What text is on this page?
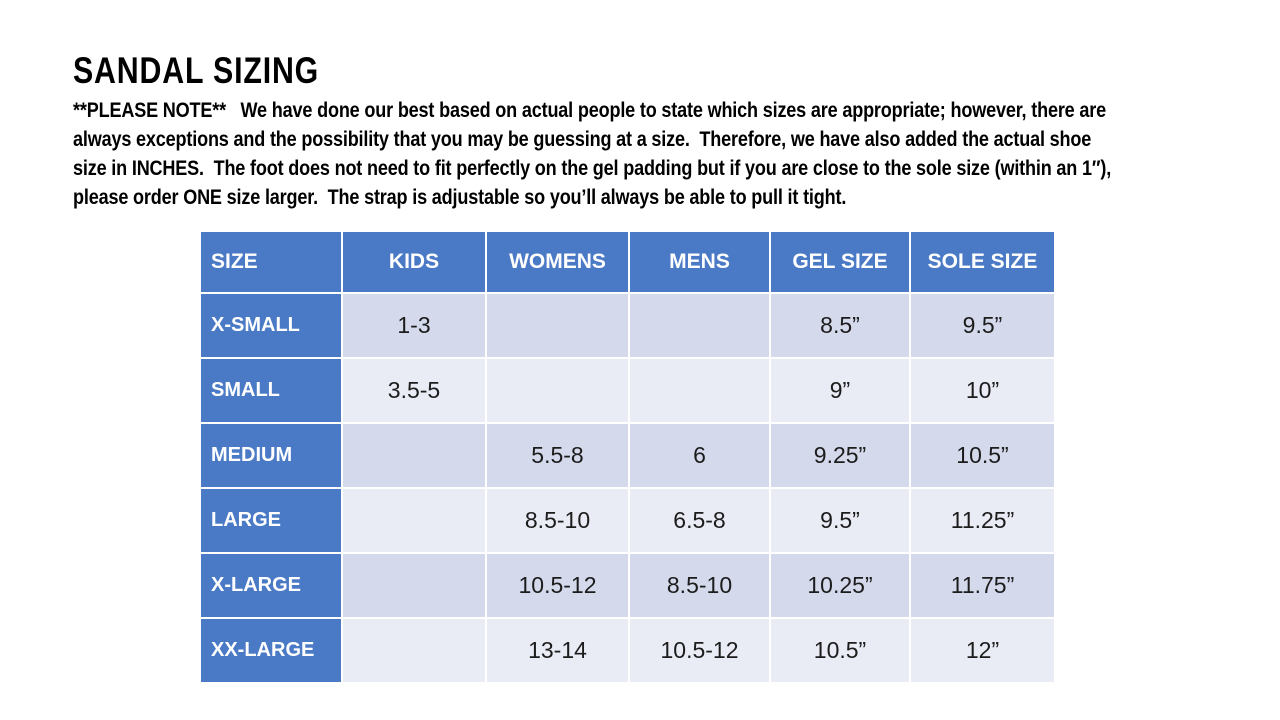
SANDAL SIZING
**PLEASE NOTE**   We have done our best based on actual people to state which sizes are appropriate; however, there are
always exceptions and the possibility that you may be guessing at a size.  Therefore, we have also added the actual shoe
size in INCHES.  The foot does not need to fit perfectly on the gel padding but if you are close to the sole size (within an 1″),
please order ONE size larger.  The strap is adjustable so you’ll always be able to pull it tight.
SIZE	KIDS	WOMENS	MENS	GEL SIZE	SOLE SIZE
X-SMALL	1-3			8.5”	9.5”
SMALL	3.5-5			9”	10”
MEDIUM		5.5-8	6	9.25”	10.5”
LARGE		8.5-10	6.5-8	9.5”	11.25”
X-LARGE		10.5-12	8.5-10	10.25”	11.75”
XX-LARGE		13-14	10.5-12	10.5”	12”
